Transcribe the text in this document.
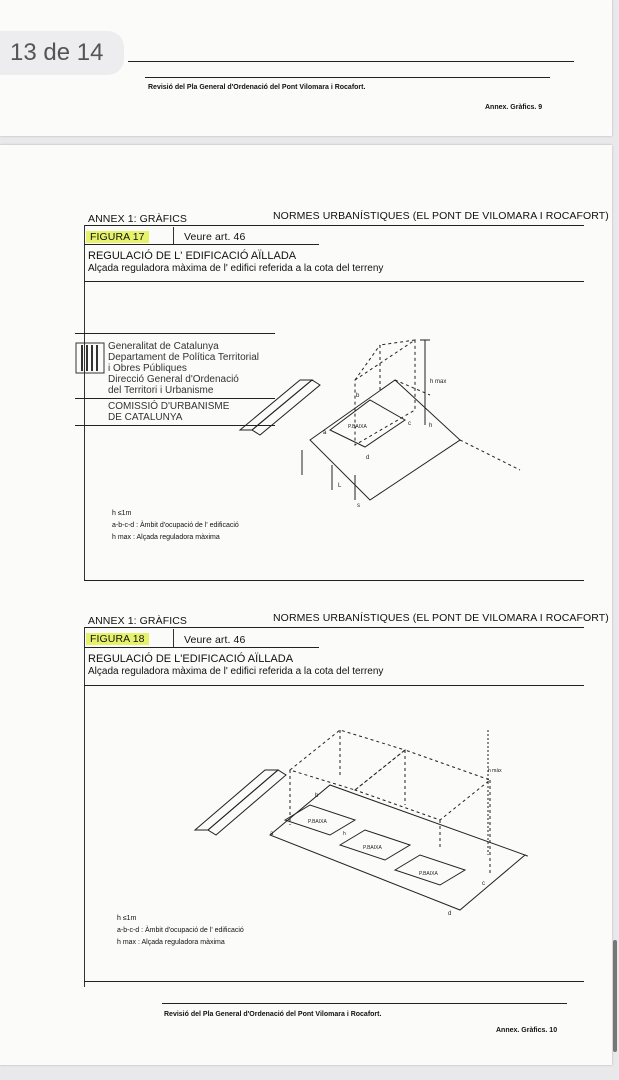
Revisió del Pla General d'Ordenació del Pont Vilomara i Rocafort.
Annex. Gràfics. 9
13 de 14
ANNEX 1: GRÀFICS	NORMES URBANÍSTIQUES (EL PONT DE VILOMARA I ROCAFORT)
FIGURA 17	Veure art. 46
REGULACIÓ DE L' EDIFICACIÓ AÏLLADA
Alçada reguladora màxima de l' edifici referida a la cota del terreny
Generalitat de Catalunya
Departament de Política Territorial
i Obres Públiques
Direcció General d'Ordenació
del Territori i Urbanisme
COMISSIÓ D'URBANISME
DE CATALUNYA
P.BAIXA
h max
h
a
b
c
d
L
s
h ≤1m
a-b-c-d : Àmbit d'ocupació de l' edificació
h max : Alçada reguladora màxima
ANNEX 1: GRÀFICS	NORMES URBANÍSTIQUES (EL PONT DE VILOMARA I ROCAFORT)
FIGURA 18	Veure art. 46
REGULACIÓ DE L'EDIFICACIÓ AÏLLADA
Alçada reguladora màxima de l' edifici referida a la cota del terreny
P.BAIXA
P.BAIXA
P.BAIXA
h màx
h
a
b
c
d
h ≤1m
a-b-c-d : Àmbit d'ocupació de l' edificació
h max : Alçada reguladora màxima
Revisió del Pla General d'Ordenació del Pont Vilomara i Rocafort.
Annex. Gràfics. 10
